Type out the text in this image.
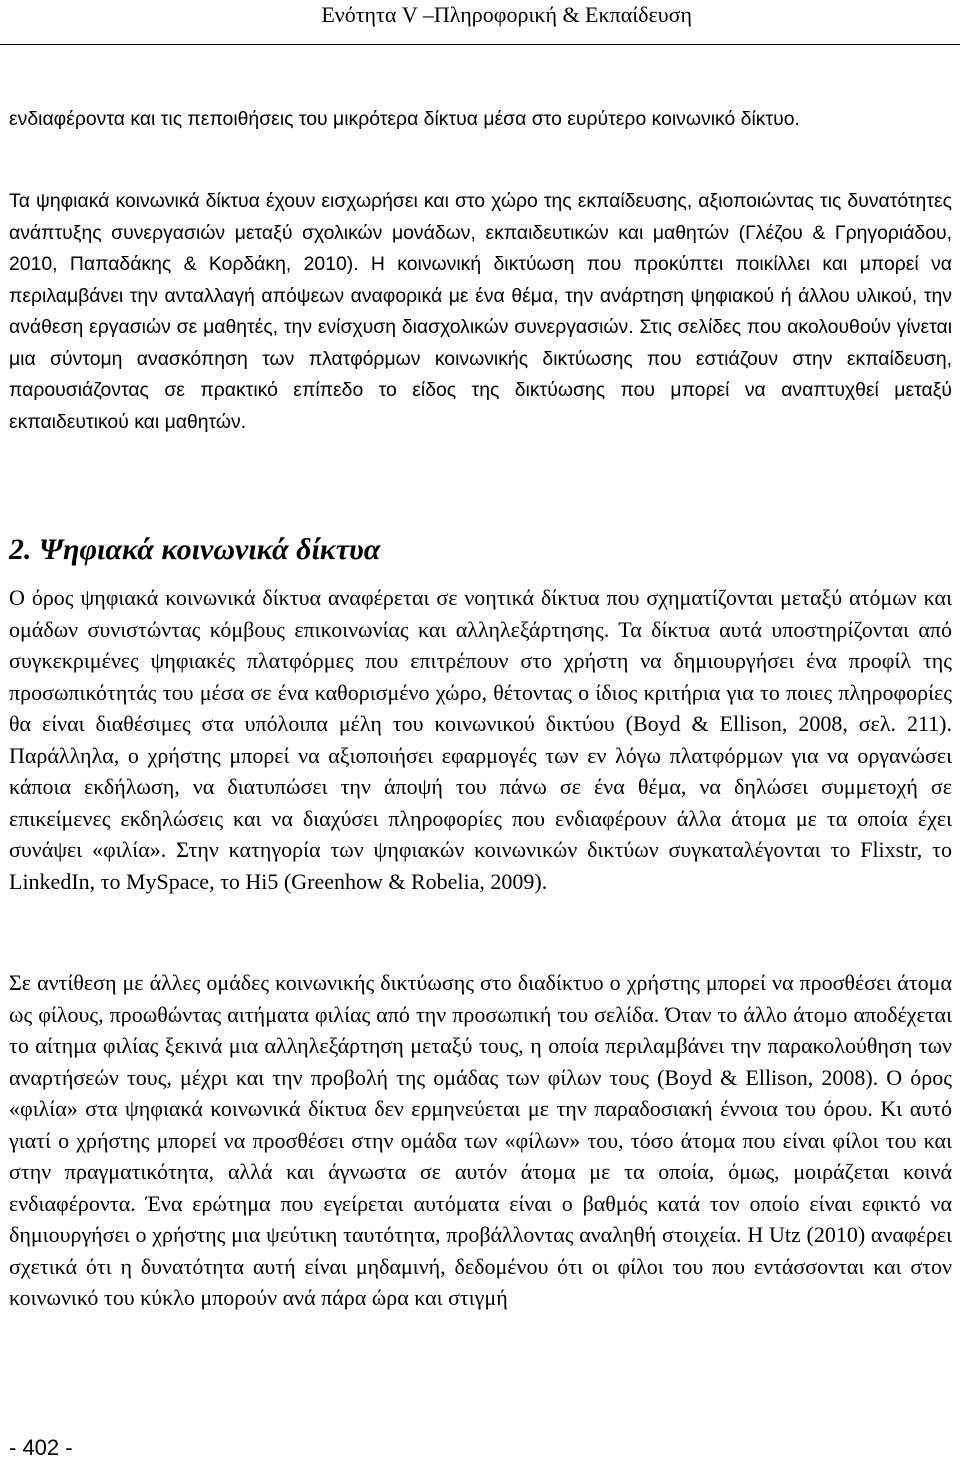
Ενότητα V –Πληροφορική & Εκπαίδευση

ενδιαφέροντα και τις πεποιθήσεις του μικρότερα δίκτυα μέσα στο ευρύτερο κοινωνικό δίκτυο.

Τα ψηφιακά κοινωνικά δίκτυα έχουν εισχωρήσει και στο χώρο της εκπαίδευσης, αξιοποιώντας τις δυνατότητες ανάπτυξης συνεργασιών μεταξύ σχολικών μονάδων, εκπαιδευτικών και μαθητών (Γλέζου & Γρηγοριάδου, 2010, Παπαδάκης & Κορδάκη, 2010). Η κοινωνική δικτύωση που προκύπτει ποικίλλει και μπορεί να περιλαμβάνει την ανταλλαγή απόψεων αναφορικά με ένα θέμα, την ανάρτηση ψηφιακού ή άλλου υλικού, την ανάθεση εργασιών σε μαθητές, την ενίσχυση διασχολικών συνεργασιών. Στις σελίδες που ακολουθούν γίνεται μια σύντομη ανασκόπηση των πλατφόρμων κοινωνικής δικτύωσης που εστιάζουν στην εκπαίδευση, παρουσιάζοντας σε πρακτικό επίπεδο το είδος της δικτύωσης που μπορεί να αναπτυχθεί μεταξύ εκπαιδευτικού και μαθητών.

2. Ψηφιακά κοινωνικά δίκτυα

Ο όρος ψηφιακά κοινωνικά δίκτυα αναφέρεται σε νοητικά δίκτυα που σχηματίζονται μεταξύ ατόμων και ομάδων συνιστώντας κόμβους επικοινωνίας και αλληλεξάρτησης. Τα δίκτυα αυτά υποστηρίζονται από συγκεκριμένες ψηφιακές πλατφόρμες που επιτρέπουν στο χρήστη να δημιουργήσει ένα προφίλ της προσωπικότητάς του μέσα σε ένα καθορισμένο χώρο, θέτοντας ο ίδιος κριτήρια για το ποιες πληροφορίες θα είναι διαθέσιμες στα υπόλοιπα μέλη του κοινωνικού δικτύου (Boyd & Ellison, 2008, σελ. 211). Παράλληλα, ο χρήστης μπορεί να αξιοποιήσει εφαρμογές των εν λόγω πλατφόρμων για να οργανώσει κάποια εκδήλωση, να διατυπώσει την άποψή του πάνω σε ένα θέμα, να δηλώσει συμμετοχή σε επικείμενες εκδηλώσεις και να διαχύσει πληροφορίες που ενδιαφέρουν άλλα άτομα με τα οποία έχει συνάψει «φιλία». Στην κατηγορία των ψηφιακών κοινωνικών δικτύων συγκαταλέγονται το Flixstr, το LinkedIn, το MySpace, το Hi5 (Greenhow & Robelia, 2009).

Σε αντίθεση με άλλες ομάδες κοινωνικής δικτύωσης στο διαδίκτυο ο χρήστης μπορεί να προσθέσει άτομα ως φίλους, προωθώντας αιτήματα φιλίας από την προσωπική του σελίδα. Όταν το άλλο άτομο αποδέχεται το αίτημα φιλίας ξεκινά μια αλληλεξάρτηση μεταξύ τους, η οποία περιλαμβάνει την παρακολούθηση των αναρτήσεών τους, μέχρι και την προβολή της ομάδας των φίλων τους (Boyd & Ellison, 2008). Ο όρος «φιλία» στα ψηφιακά κοινωνικά δίκτυα δεν ερμηνεύεται με την παραδοσιακή έννοια του όρου. Κι αυτό γιατί ο χρήστης μπορεί να προσθέσει στην ομάδα των «φίλων» του, τόσο άτομα που είναι φίλοι του και στην πραγματικότητα, αλλά και άγνωστα σε αυτόν άτομα με τα οποία, όμως, μοιράζεται κοινά ενδιαφέροντα. Ένα ερώτημα που εγείρεται αυτόματα είναι ο βαθμός κατά τον οποίο είναι εφικτό να δημιουργήσει ο χρήστης μια ψεύτικη ταυτότητα, προβάλλοντας αναληθή στοιχεία. Η Utz (2010) αναφέρει σχετικά ότι η δυνατότητα αυτή είναι μηδαμινή, δεδομένου ότι οι φίλοι του που εντάσσονται και στον κοινωνικό του κύκλο μπορούν ανά πάρα ώρα και στιγμή

- 402 -
